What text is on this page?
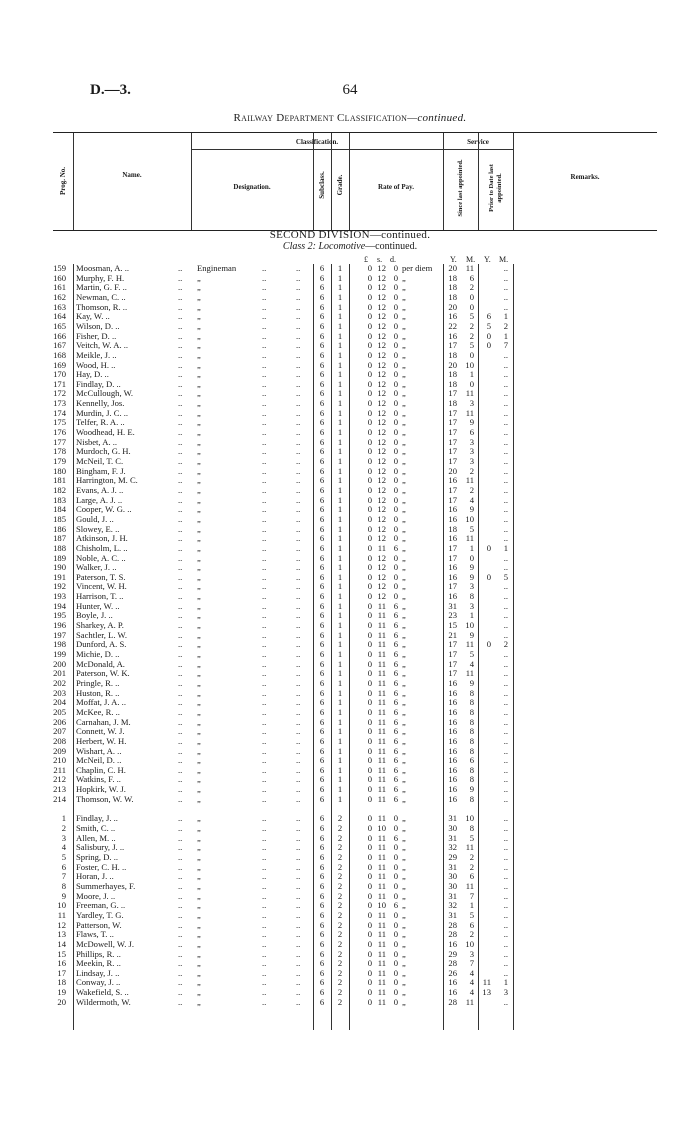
D.—3.	64
Railway Department Classification—continued.
Classification.	Service
Prog. No.	Name.
Designation.	Subclass. Grade.	Rate of Pay.	Since last appointed.	Prior to Date last appointed.	Remarks.
SECOND DIVISION—continued.
Class 2: Locomotive—continued.
£ s. d.	Y. M. Y. M.
159 Moosman, A. ..	.. Engineman	..	..	6	1	0 12 0 per diem	20	11	..
160 Murphy, F. H.	.. „	..	..	6	1	0 12 0 „	18	6	..
161 Martin, G. F. ..	.. „	..	..	6	1	0 12 0 „	18	2	..
162 Newman, C. ..	.. „	..	..	6	1	0 12 0 „	18	0	..
163 Thomson, R. ..	.. „	..	..	6	1	0 12 0 „	20	0	..
164 Kay, W. ..	.. „	..	..	6	1	0 12 0 „	16	5	6	1
165 Wilson, D. ..	.. „	..	..	6	1	0 12 0 „	22	2	5	2
166 Fisher, D. ..	.. „	..	..	6	1	0 12 0 „	16	2	0	1
167 Veitch, W. A. ..	.. „	..	..	6	1	0 12 0 „	17	5	0	7
168 Meikle, J. ..	.. „	..	..	6	1	0 12 0 „	18	0	..
169 Wood, H. ..	.. „	..	..	6	1	0 12 0 „	20 10	..
170 Hay, D. ..	.. „	..	..	6	1	0 12 0 „	18	1	..
171 Findlay, D. ..	.. „	..	..	6	1	0 12 0 „	18	0	..
172 McCullough, W.	.. „	..	..	6	1	0 12 0 „	17	11	..
173 Kennelly, Jos.	.. „	..	..	6	1	0 12 0 „	18	3	..
174 Murdin, J. C. ..	.. „	..	..	6	1	0 12 0 „	17	11	..
175 Telfer, R. A. ..	.. „	..	..	6	1	0 12 0 „	17	9	..
176 Woodhead, H. E.	.. „	..	..	6	1	0 12 0 „	17	6	..
177 Nisbet, A. ..	.. „	..	..	6	1	0 12 0 „	17	3	..
178 Murdoch, G. H.	.. „	..	..	6	1	0 12 0 „	17	3	..
179 McNeil, T. C.	.. „	..	..	6	1	0 12 0 „	17	3	..
180 Bingham, F. J.	.. „	..	..	6	1	0 12 0 „	20	2	..
181 Harrington, M. C.	.. „	..	..	6	1	0 12 0 „	16	11	..
182 Evans, A. J. ..	.. „	..	..	6	1	0 12 0 „	17	2	..
183 Large, A. J. ..	.. „	..	..	6	1	0 12 0 „	17	4	..
184 Cooper, W. G. ..	.. „	..	..	6	1	0 12 0 „	16	9	..
185 Gould, J. ..	.. „	..	..	6	1	0 12 0 „	16 10	..
186 Slowey, E. ..	.. „	..	..	6	1	0 12 0 „	18	5	..
187 Atkinson, J. H.	.. „	..	..	6	1	0 12 0 „	16	11	..
188 Chisholm, L. ..	.. „	..	..	6	1	0 11 6 „	17	1	0	1
189 Noble, A. C. ..	.. „	..	..	6	1	0 12 0 „	17	0	..
190 Walker, J. ..	.. „	..	..	6	1	0 12 0 „	16	9	..
191 Paterson, T. S.	.. „	..	..	6	1	0 12 0 „	16	9	0	5
192 Vincent, W. H.	.. „	..	..	6	1	0 12 0 „	17	3	..
193 Harrison, T. ..	.. „	..	..	6	1	0 12 0 „	16	8	..
194 Hunter, W. ..	.. „	..	..	6	1	0 11 6 „	31	3	..
195 Boyle, J. ..	.. „	..	..	6	1	0 11 6 „	23	1	..
196 Sharkey, A. P.	.. „	..	..	6	1	0 11 6 „	15 10	..
197 Sachtler, L. W.	.. „	..	..	6	1	0 11 6 „	21	9	..
198 Dunford, A. S.	.. „	..	..	6	1	0 11 6 „	17	11	0	2
199 Michie, D. ..	.. „	..	..	6	1	0 11 6 „	17	5	..
200 McDonald, A.	.. „	..	..	6	1	0 11 6 „	17	4	..
201 Paterson, W. K.	.. „	..	..	6	1	0 11 6 „	17	11	..
202 Pringle, R. ..	.. „	..	..	6	1	0 11 6 „	16	9	..
203 Huston, R. ..	.. „	..	..	6	1	0 11 6 „	16	8	..
204 Moffat, J. A. ..	.. „	..	..	6	1	0 11 6 „	16	8	..
205 McKee, R. ..	.. „	..	..	6	1	0 11 6 „	16	8	..
206 Carnahan, J. M.	.. „	..	..	6	1	0 11 6 „	16	8	..
207 Connett, W. J.	.. „	..	..	6	1	0 11 6 „	16	8	..
208 Herbert, W. H.	.. „	..	..	6	1	0 11 6 „	16	8	..
209 Wishart, A. ..	.. „	..	..	6	1	0 11 6 „	16	8	..
210 McNeil, D. ..	.. „	..	..	6	1	0 11 6 „	16	6	..
211 Chaplin, C. H.	.. „	..	..	6	1	0 11 6 „	16	8	..
212 Watkins, F. ..	.. „	..	..	6	1	0 11 6 „	16	8	..
213 Hopkirk, W. J.	.. „	..	..	6	1	0 11 6 „	16	9	..
214 Thomson, W. W.	.. „	..	..	6	1	0 11 6 „	16	8	..
1 Findlay, J. ..	.. „	..	..	6	2	0 11 0 „	31 10	..
2 Smith, C. ..	.. „	..	..	6	2	0 10 0 „	30	8	..
3 Allen, M. ..	.. „	..	..	6	2	0 11 6 „	31	5	..
4 Salisbury, J. ..	.. „	..	..	6	2	0 11 0 „	32	11	..
5 Spring, D. ..	.. „	..	..	6	2	0 11 0 „	29	2	..
6 Foster, C. H. ..	.. „	..	..	6	2	0 11 0 „	31	2	..
7 Horan, J. ..	.. „	..	..	6	2	0 11 0 „	30	6	..
8 Summerhayes, F.	.. „	..	..	6	2	0 11 0 „	30	11	..
9 Moore, J. ..	.. „	..	..	6	2	0 11 0 „	31	7	..
10 Freeman, G. ..	.. „	..	..	6	2	0 10 6 „	32	1	..
11 Yardley, T. G.	.. „	..	..	6	2	0 11 0 „	31	5	..
12 Patterson, W.	.. „	..	..	6	2	0 11 0 „	28	6	..
13 Flaws, T. ..	.. „	..	..	6	2	0 11 0 „	28	2	..
14 McDowell, W. J.	.. „	..	..	6	2	0 11 0 „	16 10	..
15 Phillips, R. ..	.. „	..	..	6	2	0 11 0 „	29	3	..
16 Meekin, R. ..	.. „	..	..	6	2	0 11 0 „	28	7	..
17 Lindsay, J. ..	.. „	..	..	6	2	0 11 0 „	26	4	..
18 Conway, J. ..	.. „	..	..	6	2	0 11 0 „	16	4	11	1
19 Wakefield, S. ..	.. „	..	..	6	2	0 11 0 „	16	4 13	3
20 Wildermoth, W.	.. „	..	..	6	2	0 11 0 „	28	11	..
